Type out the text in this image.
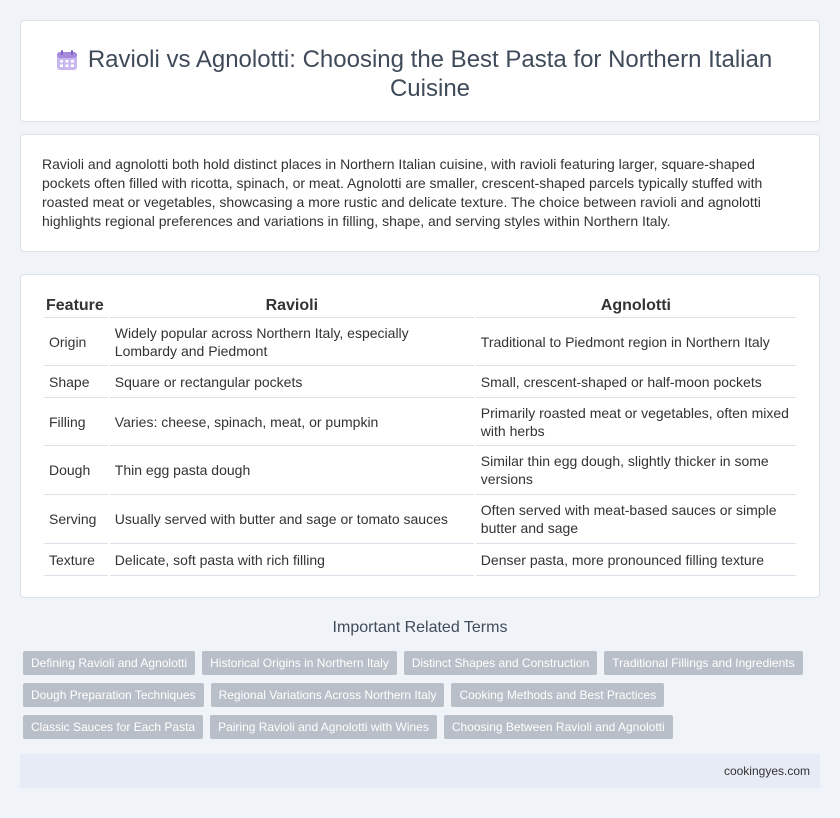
Ravioli vs Agnolotti: Choosing the Best Pasta for Northern Italian Cuisine

Ravioli and agnolotti both hold distinct places in Northern Italian cuisine, with ravioli featuring larger, square-shaped pockets often filled with ricotta, spinach, or meat. Agnolotti are smaller, crescent-shaped parcels typically stuffed with roasted meat or vegetables, showcasing a more rustic and delicate texture. The choice between ravioli and agnolotti highlights regional preferences and variations in filling, shape, and serving styles within Northern Italy.

Feature	Ravioli	Agnolotti
Origin	Widely popular across Northern Italy, especially Lombardy and Piedmont	Traditional to Piedmont region in Northern Italy
Shape	Square or rectangular pockets	Small, crescent-shaped or half-moon pockets
Filling	Varies: cheese, spinach, meat, or pumpkin	Primarily roasted meat or vegetables, often mixed with herbs
Dough	Thin egg pasta dough	Similar thin egg dough, slightly thicker in some versions
Serving	Usually served with butter and sage or tomato sauces	Often served with meat-based sauces or simple butter and sage
Texture	Delicate, soft pasta with rich filling	Denser pasta, more pronounced filling texture
Important Related Terms
Defining Ravioli and Agnolotti	Historical Origins in Northern Italy	Distinct Shapes and Construction	Traditional Fillings and Ingredients
Dough Preparation Techniques	Regional Variations Across Northern Italy	Cooking Methods and Best Practices
Classic Sauces for Each Pasta	Pairing Ravioli and Agnolotti with Wines	Choosing Between Ravioli and Agnolotti
cookingyes.com
